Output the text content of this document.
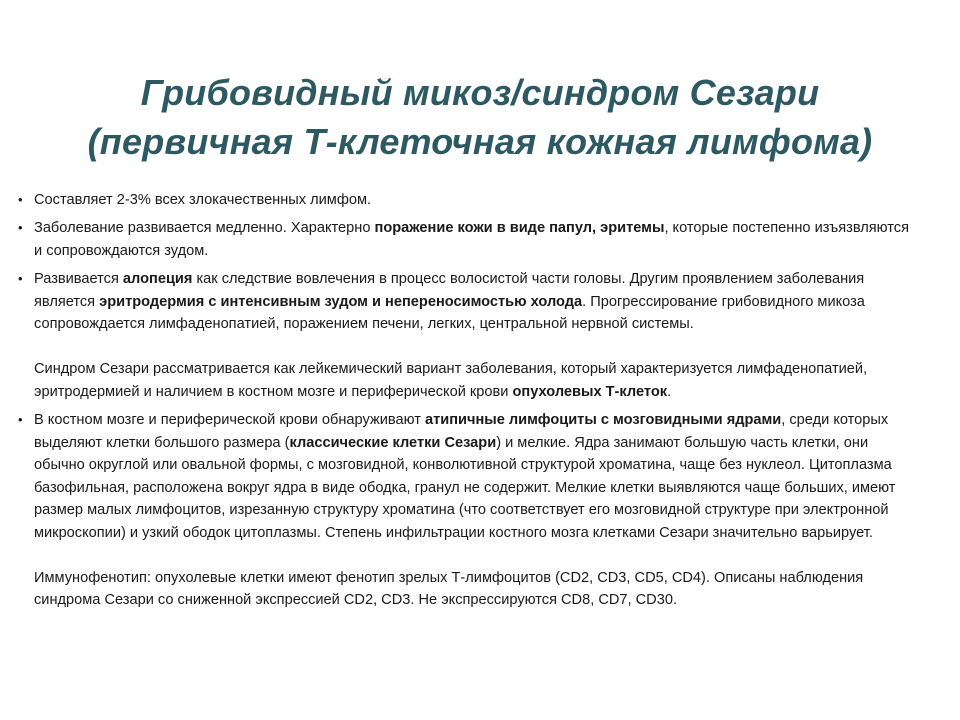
Грибовидный микоз/синдром Сезари
(первичная Т-клеточная кожная лимфома)
• Составляет 2-3% всех злокачественных лимфом.

• Заболевание развивается медленно. Характерно поражение кожи в виде папул, эритемы, которые постепенно изъязвляются и сопровождаются зудом.

• Развивается алопеция как следствие вовлечения в процесс волосистой части головы. Другим проявлением заболевания является эритродермия с интенсивным зудом и непереносимостью холода. Прогрессирование грибовидного микоза сопровождается лимфаденопатией, поражением печени, легких, центральной нервной системы.

Синдром Сезари рассматривается как лейкемический вариант заболевания, который характеризуется лимфаденопатией, эритродермией и наличием в костном мозге и периферической крови опухолевых Т-клеток.

• В костном мозге и периферической крови обнаруживают атипичные лимфоциты с мозговидными ядрами, среди которых выделяют клетки большого размера (классические клетки Сезари) и мелкие. Ядра занимают большую часть клетки, они обычно округлой или овальной формы, с мозговидной, конволютивной структурой хроматина, чаще без нуклеол. Цитоплазма базофильная, расположена вокруг ядра в виде ободка, гранул не содержит. Мелкие клетки выявляются чаще больших, имеют размер малых лимфоцитов, изрезанную структуру хроматина (что соответствует его мозговидной структуре при электронной микроскопии) и узкий ободок цитоплазмы. Степень инфильтрации костного мозга клетками Сезари значительно варьирует.

Иммунофенотип: опухолевые клетки имеют фенотип зрелых Т-лимфоцитов (CD2, CD3, CD5, CD4). Описаны наблюдения синдрома Сезари со сниженной экспрессией CD2, CD3. Не экспрессируются CD8, CD7, CD30.
